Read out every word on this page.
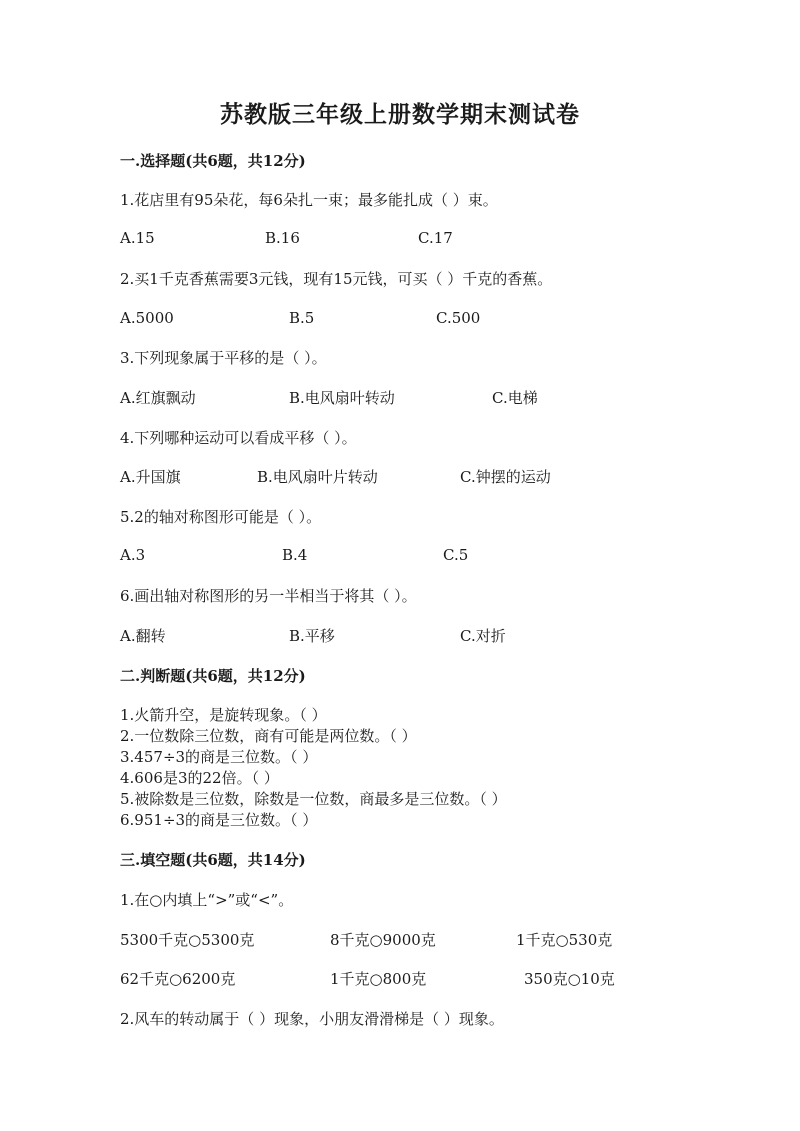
苏教版三年级上册数学期末测试卷
一.选择题(共6题，共12分)
1.花店里有95朵花，每6朵扎一束；最多能扎成（ ）束。
A.15	B.16	C.17
2.买1千克香蕉需要3元钱，现有15元钱，可买（ ）千克的香蕉。
A.5000	B.5	C.500
3.下列现象属于平移的是（ ）。
A.红旗飘动	B.电风扇叶转动	C.电梯
4.下列哪种运动可以看成平移（ ）。
A.升国旗	B.电风扇叶片转动	C.钟摆的运动
5.2的轴对称图形可能是（ ）。
A.3	B.4	C.5
6.画出轴对称图形的另一半相当于将其（ ）。
A.翻转	B.平移	C.对折
二.判断题(共6题，共12分)
1.火箭升空，是旋转现象。（ ）
2.一位数除三位数，商有可能是两位数。（ ）
3.457÷3的商是三位数。（ ）
4.606是3的22倍。（ ）
5.被除数是三位数，除数是一位数，商最多是三位数。（ ）
6.951÷3的商是三位数。（ ）
三.填空题(共6题，共14分)
1.在○内填上“>”或“<”。
5300千克○5300克	8千克○9000克	1千克○530克
62千克○6200克	1千克○800克	350克○10克
2.风车的转动属于（ ）现象，小朋友滑滑梯是（ ）现象。
